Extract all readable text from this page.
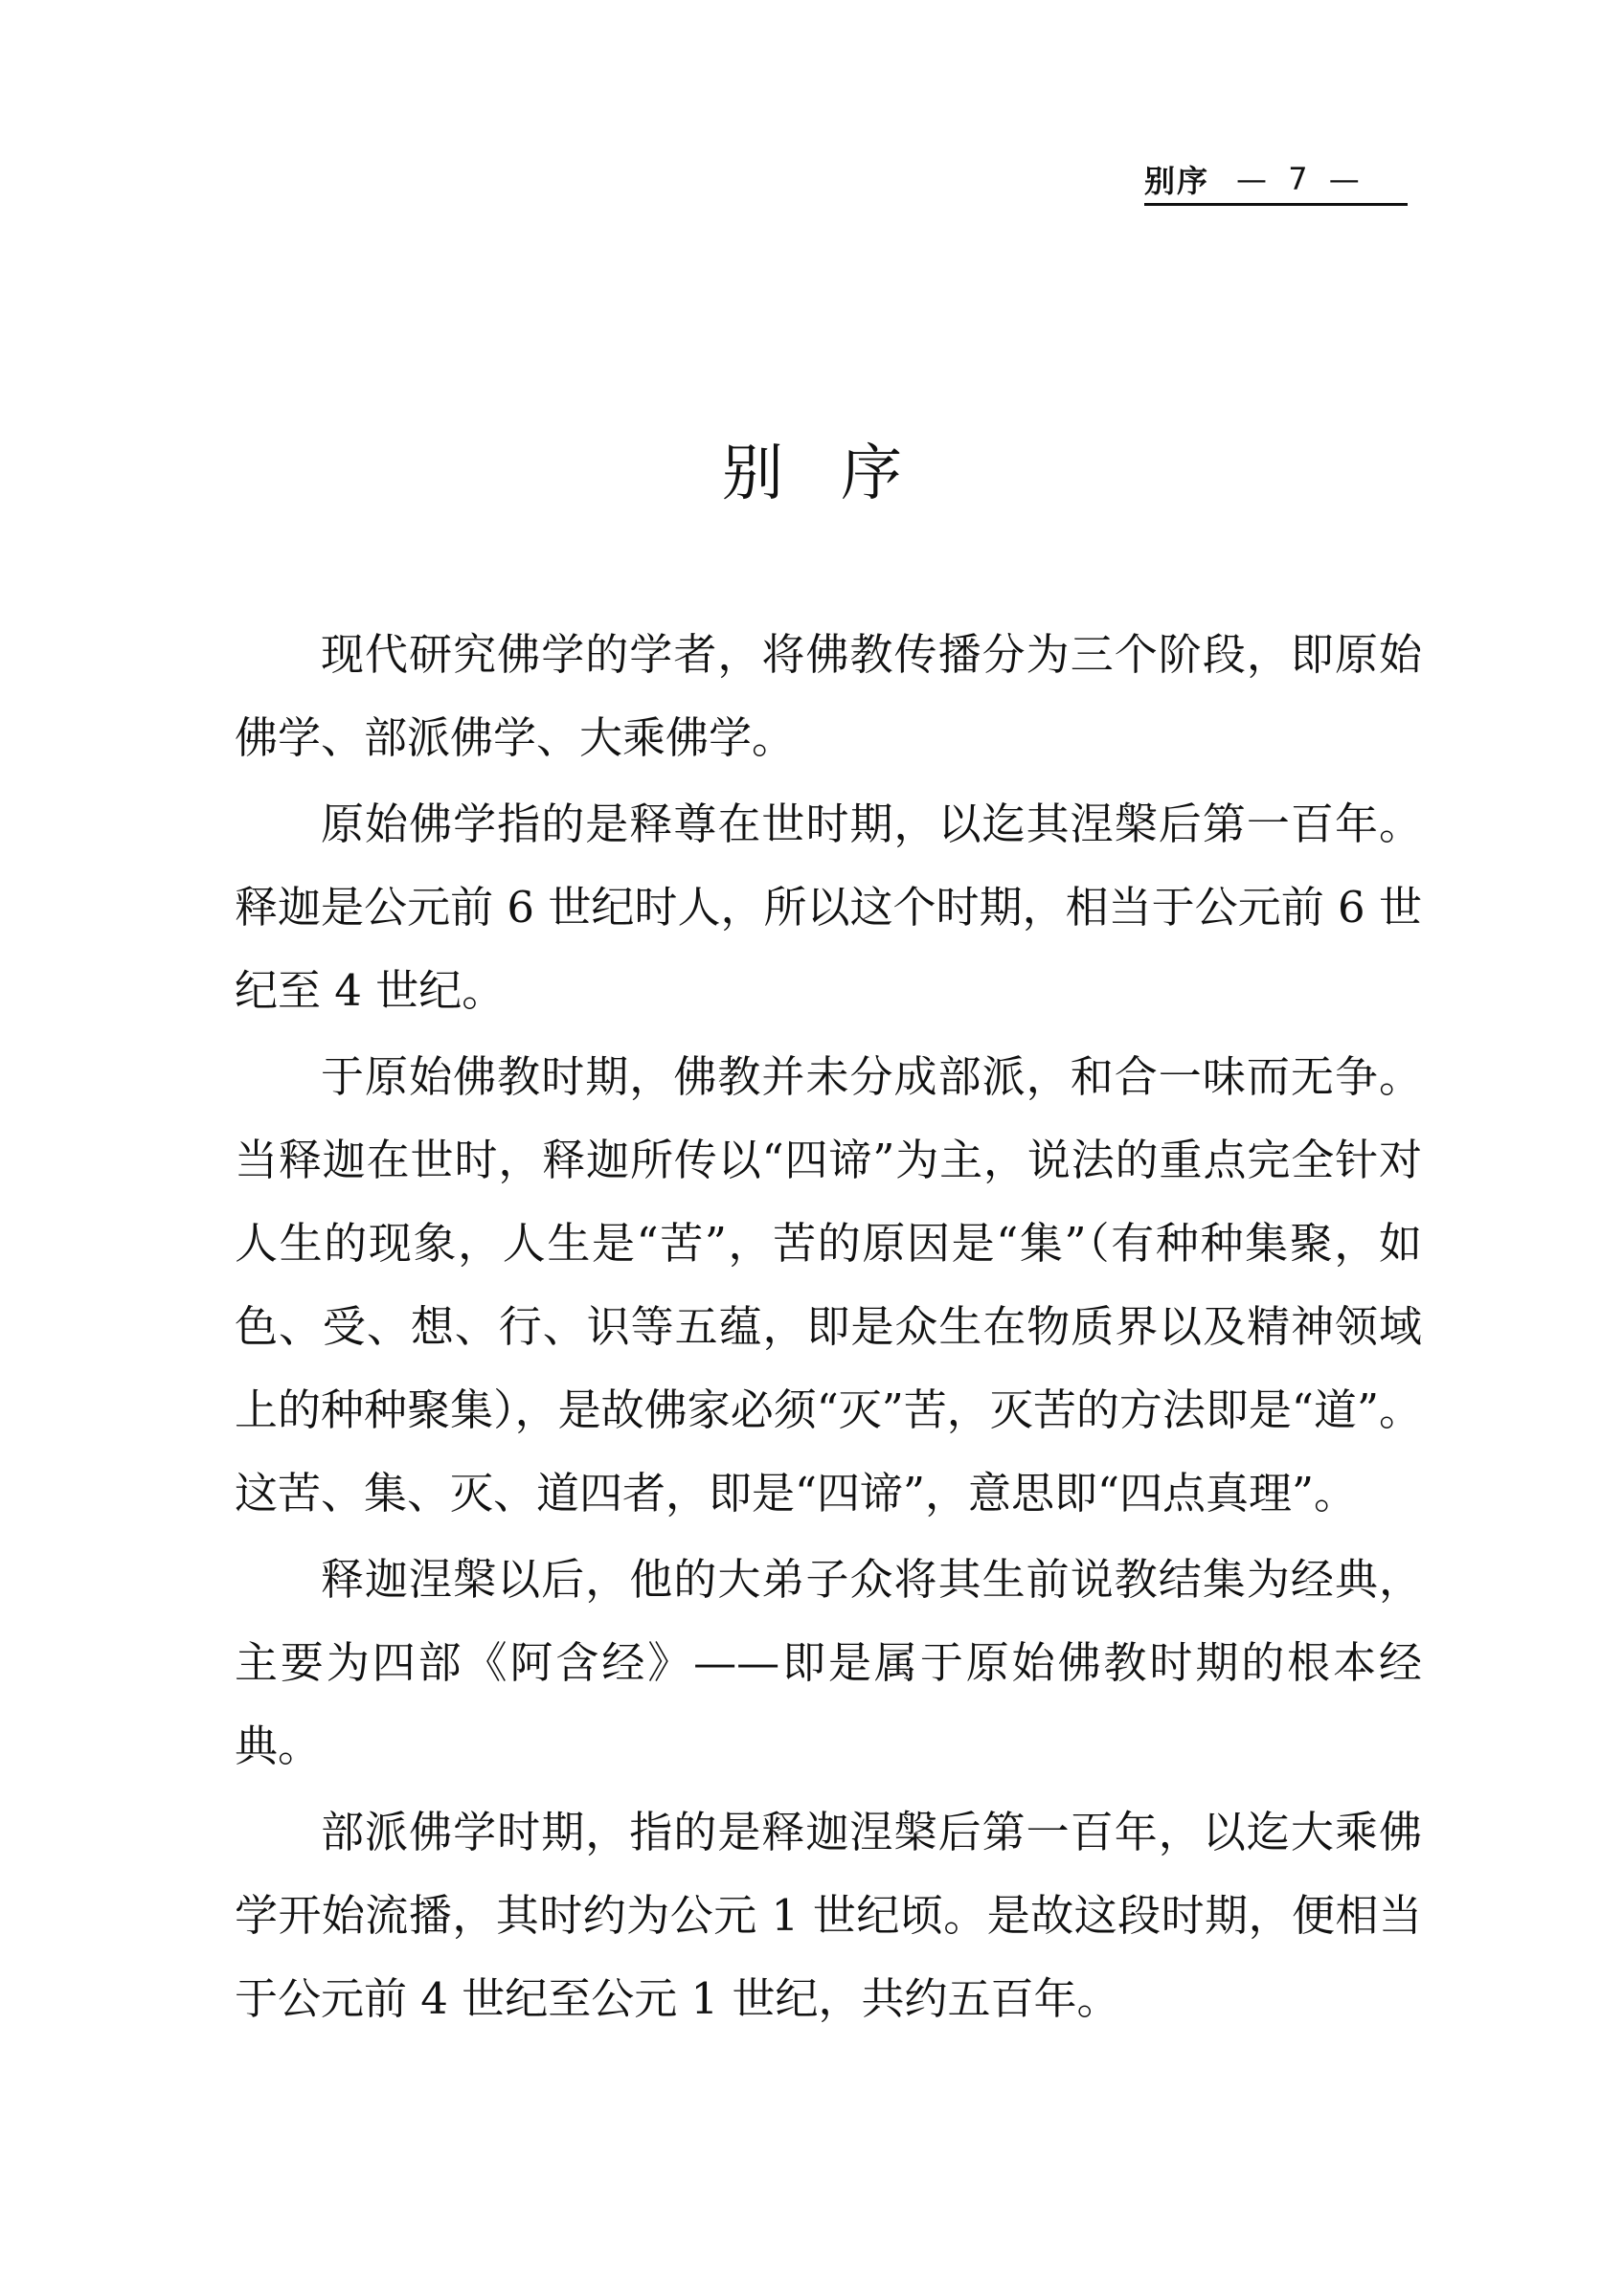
别序 — 7 —
别序

现代研究佛学的学者，将佛教传播分为三个阶段，即原始佛学、部派佛学、大乘佛学。

原始佛学指的是释尊在世时期，以迄其涅槃后第一百年。释迦是公元前 6 世纪时人，所以这个时期，相当于公元前 6 世纪至 4 世纪。

于原始佛教时期，佛教并未分成部派，和合一味而无争。当释迦在世时，释迦所传以“四谛”为主，说法的重点完全针对人生的现象，人生是“苦”，苦的原因是“集”（有种种集聚，如色、受、想、行、识等五蕴，即是众生在物质界以及精神领域上的种种聚集），是故佛家必须“灭”苦，灭苦的方法即是“道”。这苦、集、灭、道四者，即是“四谛”，意思即“四点真理”。

释迦涅槃以后，他的大弟子众将其生前说教结集为经典，主要为四部《阿含经》——即是属于原始佛教时期的根本经典。

部派佛学时期，指的是释迦涅槃后第一百年，以迄大乘佛学开始流播，其时约为公元 1 世纪顷。是故这段时期，便相当于公元前 4 世纪至公元 1 世纪，共约五百年。
